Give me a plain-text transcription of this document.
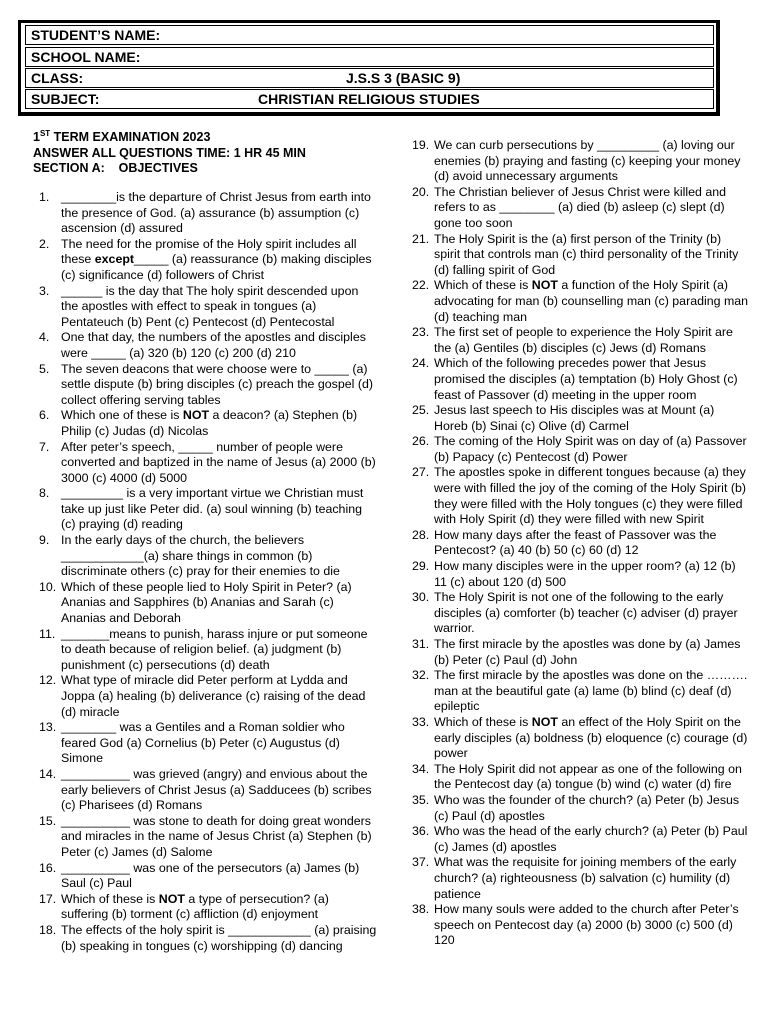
STUDENT’S NAME:
SCHOOL NAME:
CLASS:	J.S.S 3 (BASIC 9)
SUBJECT:	CHRISTIAN RELIGIOUS STUDIES
1ST TERM EXAMINATION 2023
ANSWER ALL QUESTIONS TIME: 1 HR 45 MIN
SECTION A:    OBJECTIVES
1. ________is the departure of Christ Jesus from earth into the presence of God. (a) assurance (b) assumption (c) ascension (d) assured
2. The need for the promise of the Holy spirit includes all these except_____ (a) reassurance (b) making disciples (c) significance (d) followers of Christ
3. ______ is the day that The holy spirit descended upon the apostles with effect to speak in tongues (a) Pentateuch (b) Pent (c) Pentecost (d) Pentecostal
4. One that day, the numbers of the apostles and disciples were _____ (a) 320 (b) 120 (c) 200 (d) 210
5. The seven deacons that were choose were to _____ (a) settle dispute (b) bring disciples (c) preach the gospel (d) collect offering serving tables
6. Which one of these is NOT a deacon? (a) Stephen (b) Philip (c) Judas (d) Nicolas
7. After peter’s speech, _____ number of people were converted and baptized in the name of Jesus (a) 2000 (b) 3000 (c) 4000 (d) 5000
8. _________ is a very important virtue we Christian must take up just like Peter did. (a) soul winning (b) teaching (c) praying (d) reading
9. In the early days of the church, the believers ____________(a) share things in common (b) discriminate others (c) pray for their enemies to die
10. Which of these people lied to Holy Spirit in Peter? (a) Ananias and Sapphires (b) Ananias and Sarah (c) Ananias and Deborah
11. _______means to punish, harass injure or put someone to death because of religion belief. (a) judgment (b) punishment (c) persecutions (d) death
12. What type of miracle did Peter perform at Lydda and Joppa (a) healing (b) deliverance (c) raising of the dead (d) miracle
13. ________ was a Gentiles and a Roman soldier who feared God (a) Cornelius (b) Peter (c) Augustus (d) Simone
14. __________ was grieved (angry) and envious about the early believers of Christ Jesus (a) Sadducees (b) scribes (c) Pharisees (d) Romans
15. __________ was stone to death for doing great wonders and miracles in the name of Jesus Christ (a) Stephen (b) Peter (c) James (d) Salome
16. __________ was one of the persecutors (a) James (b) Saul (c) Paul
17. Which of these is NOT a type of persecution? (a) suffering (b) torment (c) affliction (d) enjoyment
18. The effects of the holy spirit is ____________ (a) praising (b) speaking in tongues (c) worshipping (d) dancing
19. We can curb persecutions by _________ (a) loving our enemies (b) praying and fasting (c) keeping your money (d) avoid unnecessary arguments
20. The Christian believer of Jesus Christ were killed and refers to as ________ (a) died (b) asleep (c) slept (d) gone too soon
21. The Holy Spirit is the (a) first person of the Trinity (b) spirit that controls man (c) third personality of the Trinity (d) falling spirit of God
22. Which of these is NOT a function of the Holy Spirit (a) advocating for man (b) counselling man (c) parading man (d) teaching man
23. The first set of people to experience the Holy Spirit are the (a) Gentiles (b) disciples (c) Jews (d) Romans
24. Which of the following precedes power that Jesus promised the disciples (a) temptation (b) Holy Ghost (c) feast of Passover (d) meeting in the upper room
25. Jesus last speech to His disciples was at Mount (a) Horeb (b) Sinai (c) Olive (d) Carmel
26. The coming of the Holy Spirit was on day of (a) Passover (b) Papacy (c) Pentecost (d) Power
27. The apostles spoke in different tongues because (a) they were with filled the joy of the coming of the Holy Spirit (b) they were filled with the Holy tongues (c) they were filled with Holy Spirit (d) they were filled with new Spirit
28. How many days after the feast of Passover was the Pentecost? (a) 40 (b) 50 (c) 60 (d) 12
29. How many disciples were in the upper room? (a) 12 (b) 11 (c) about 120 (d) 500
30. The Holy Spirit is not one of the following to the early disciples (a) comforter (b) teacher (c) adviser (d) prayer warrior.
31. The first miracle by the apostles was done by (a) James (b) Peter (c) Paul (d) John
32. The first miracle by the apostles was done on the ………. man at the beautiful gate (a) lame (b) blind (c) deaf (d) epileptic
33. Which of these is NOT an effect of the Holy Spirit on the early disciples (a) boldness (b) eloquence (c) courage (d) power
34. The Holy Spirit did not appear as one of the following on the Pentecost day (a) tongue (b) wind (c) water (d) fire
35. Who was the founder of the church? (a) Peter (b) Jesus (c) Paul (d) apostles
36. Who was the head of the early church? (a) Peter (b) Paul (c) James (d) apostles
37. What was the requisite for joining members of the early church? (a) righteousness (b) salvation (c) humility (d) patience
38. How many souls were added to the church after Peter’s speech on Pentecost day (a) 2000 (b) 3000 (c) 500 (d) 120
